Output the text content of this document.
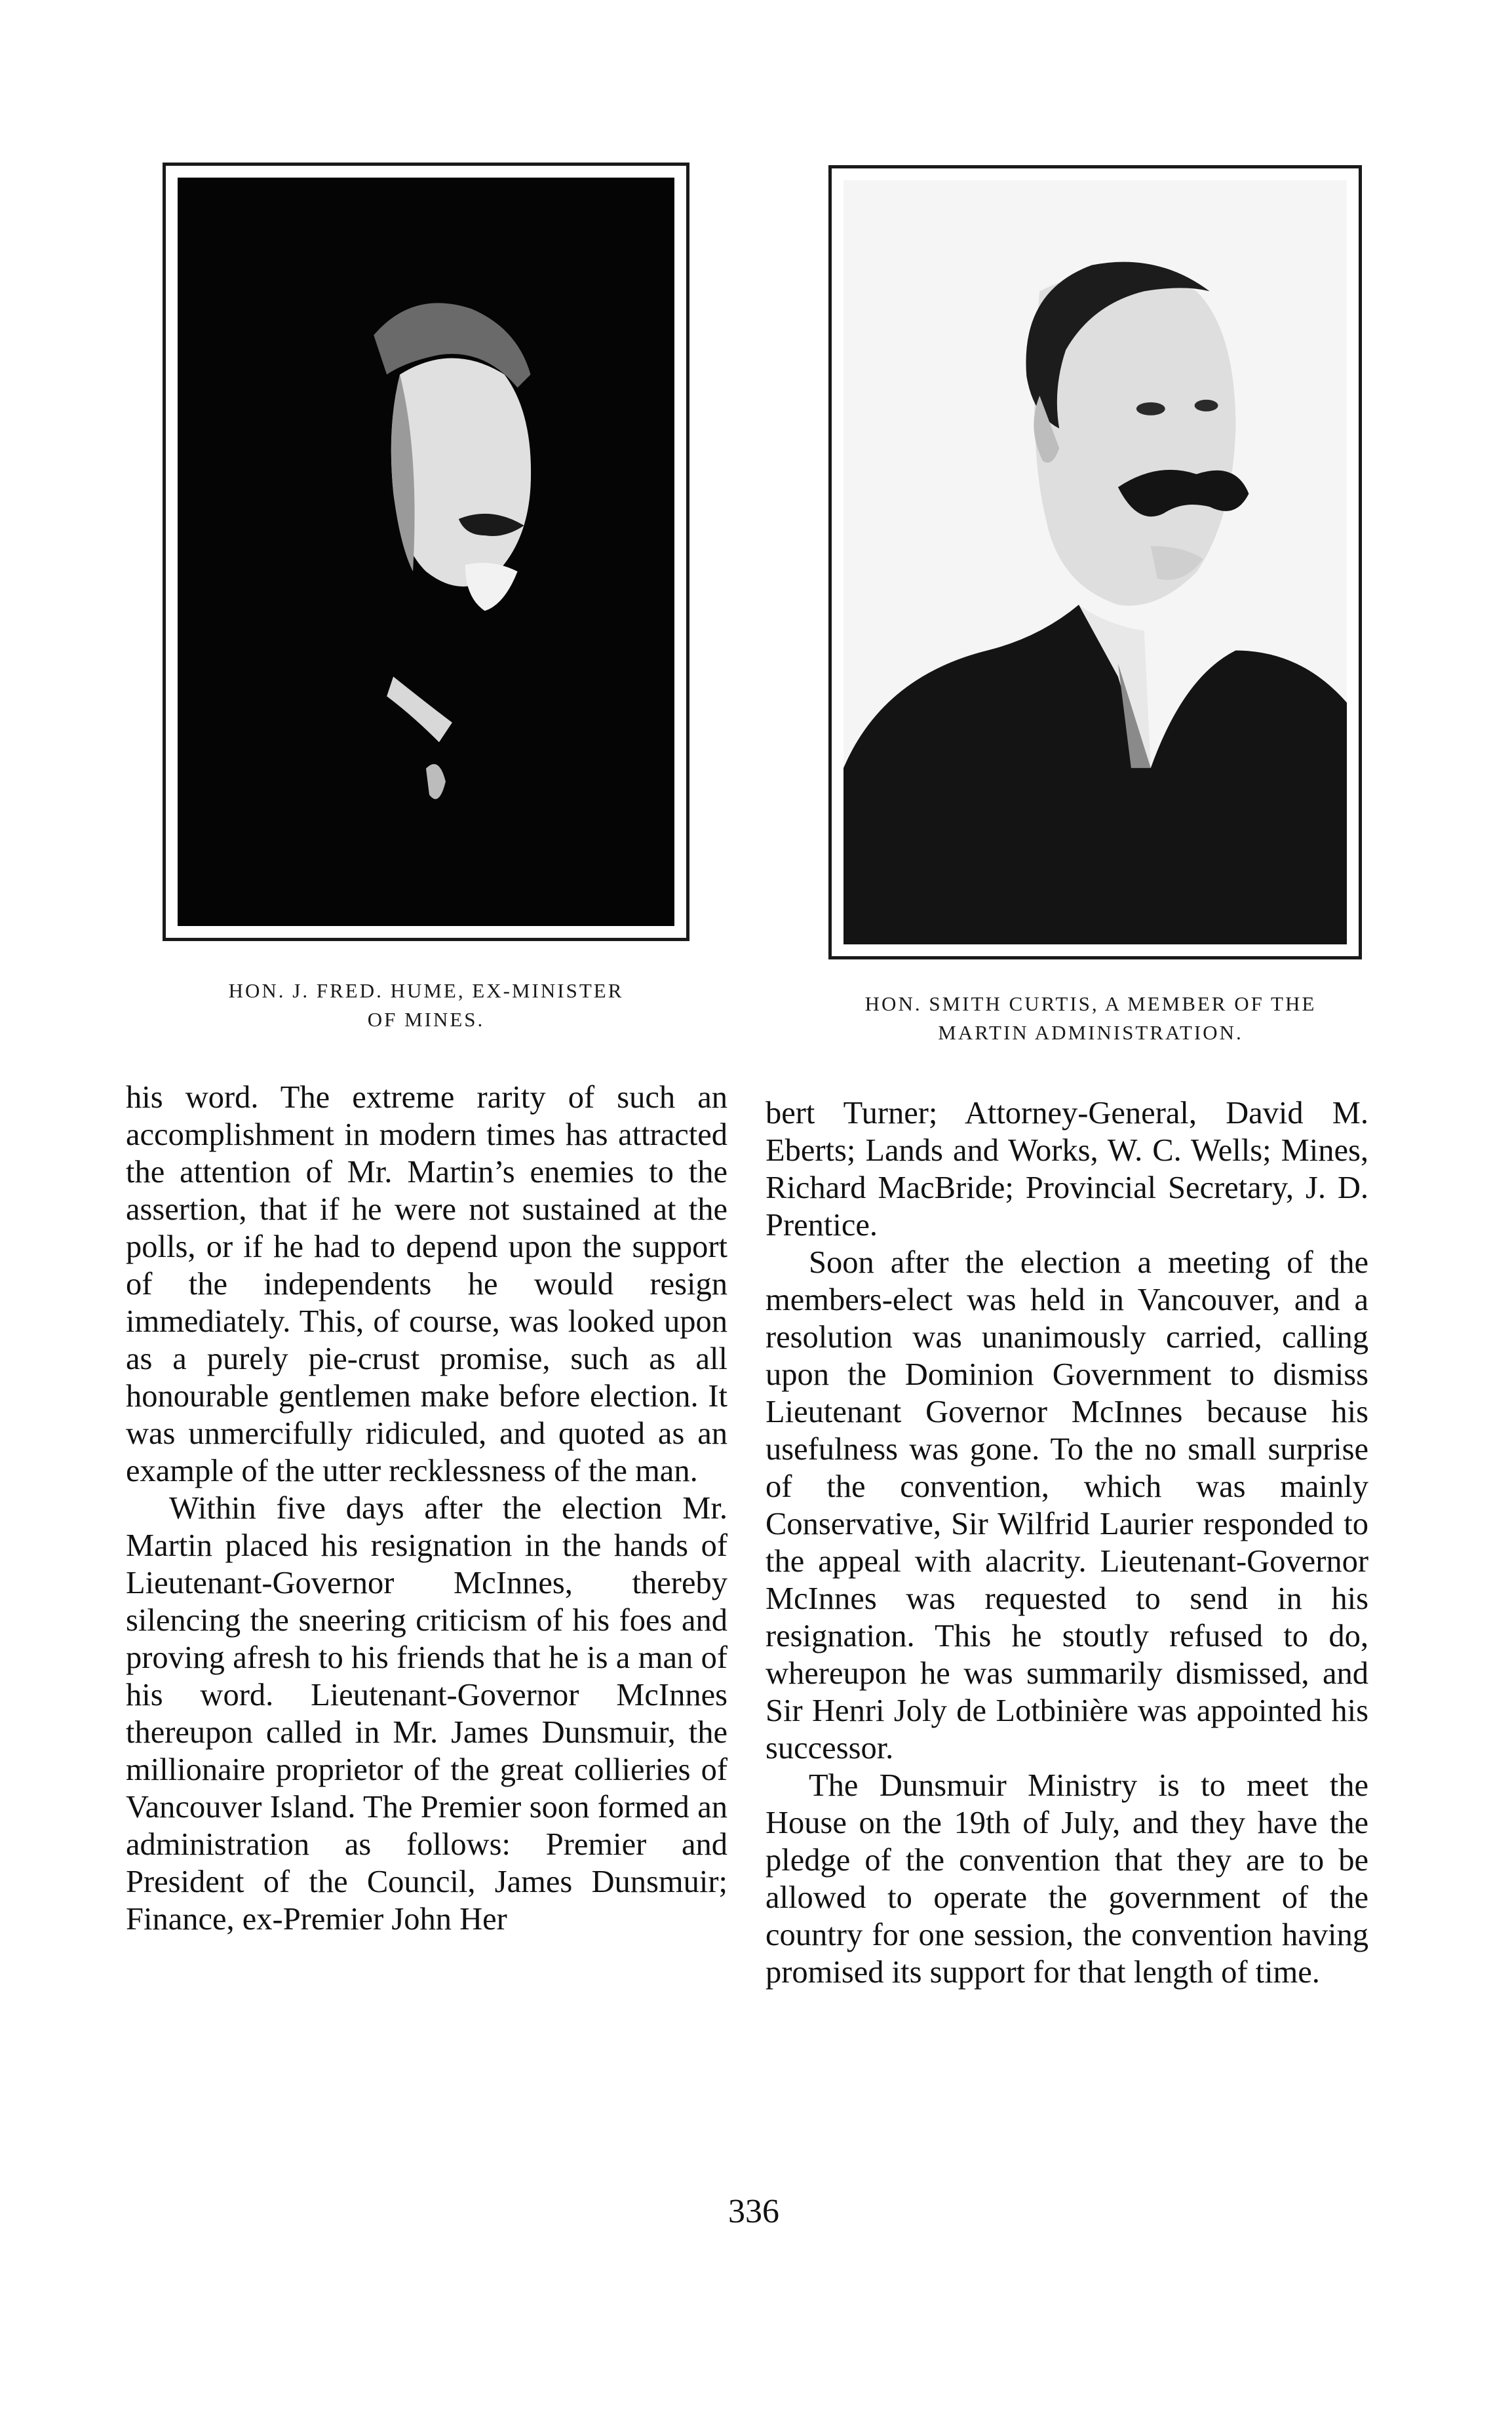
HON. J. FRED. HUME, EX-MINISTER
OF MINES.
HON. SMITH CURTIS, A MEMBER OF THE
MARTIN ADMINISTRATION.

his word. The extreme rarity of such an accomplishment in modern times has attracted the attention of Mr. Martin’s enemies to the assertion, that if he were not sustained at the polls, or if he had to depend upon the support of the independents he would resign immediately. This, of course, was looked upon as a purely pie-crust promise, such as all honourable gentlemen make before election. It was unmercifully ridiculed, and quoted as an example of the utter recklessness of the man.

Within five days after the election Mr. Martin placed his resignation in the hands of Lieutenant-Governor McInnes, thereby silencing the sneering criticism of his foes and proving afresh to his friends that he is a man of his word. Lieutenant-Governor McInnes thereupon called in Mr. James Dunsmuir, the millionaire proprietor of the great collieries of Vancouver Island. The Premier soon formed an administration as follows: Premier and President of the Council, James Dunsmuir; Finance, ex-Premier John Her

bert Turner; Attorney-General, David M. Eberts; Lands and Works, W. C. Wells; Mines, Richard MacBride; Provincial Secretary, J. D. Prentice.

Soon after the election a meeting of the members-elect was held in Vancouver, and a resolution was unanimously carried, calling upon the Dominion Government to dismiss Lieutenant Governor McInnes because his usefulness was gone. To the no small surprise of the convention, which was mainly Conservative, Sir Wilfrid Laurier responded to the appeal with alacrity. Lieutenant-Governor McInnes was requested to send in his resignation. This he stoutly refused to do, whereupon he was summarily dismissed, and Sir Henri Joly de Lotbinière was appointed his successor.

The Dunsmuir Ministry is to meet the House on the 19th of July, and they have the pledge of the convention that they are to be allowed to operate the government of the country for one session, the convention having promised its support for that length of time.

336
